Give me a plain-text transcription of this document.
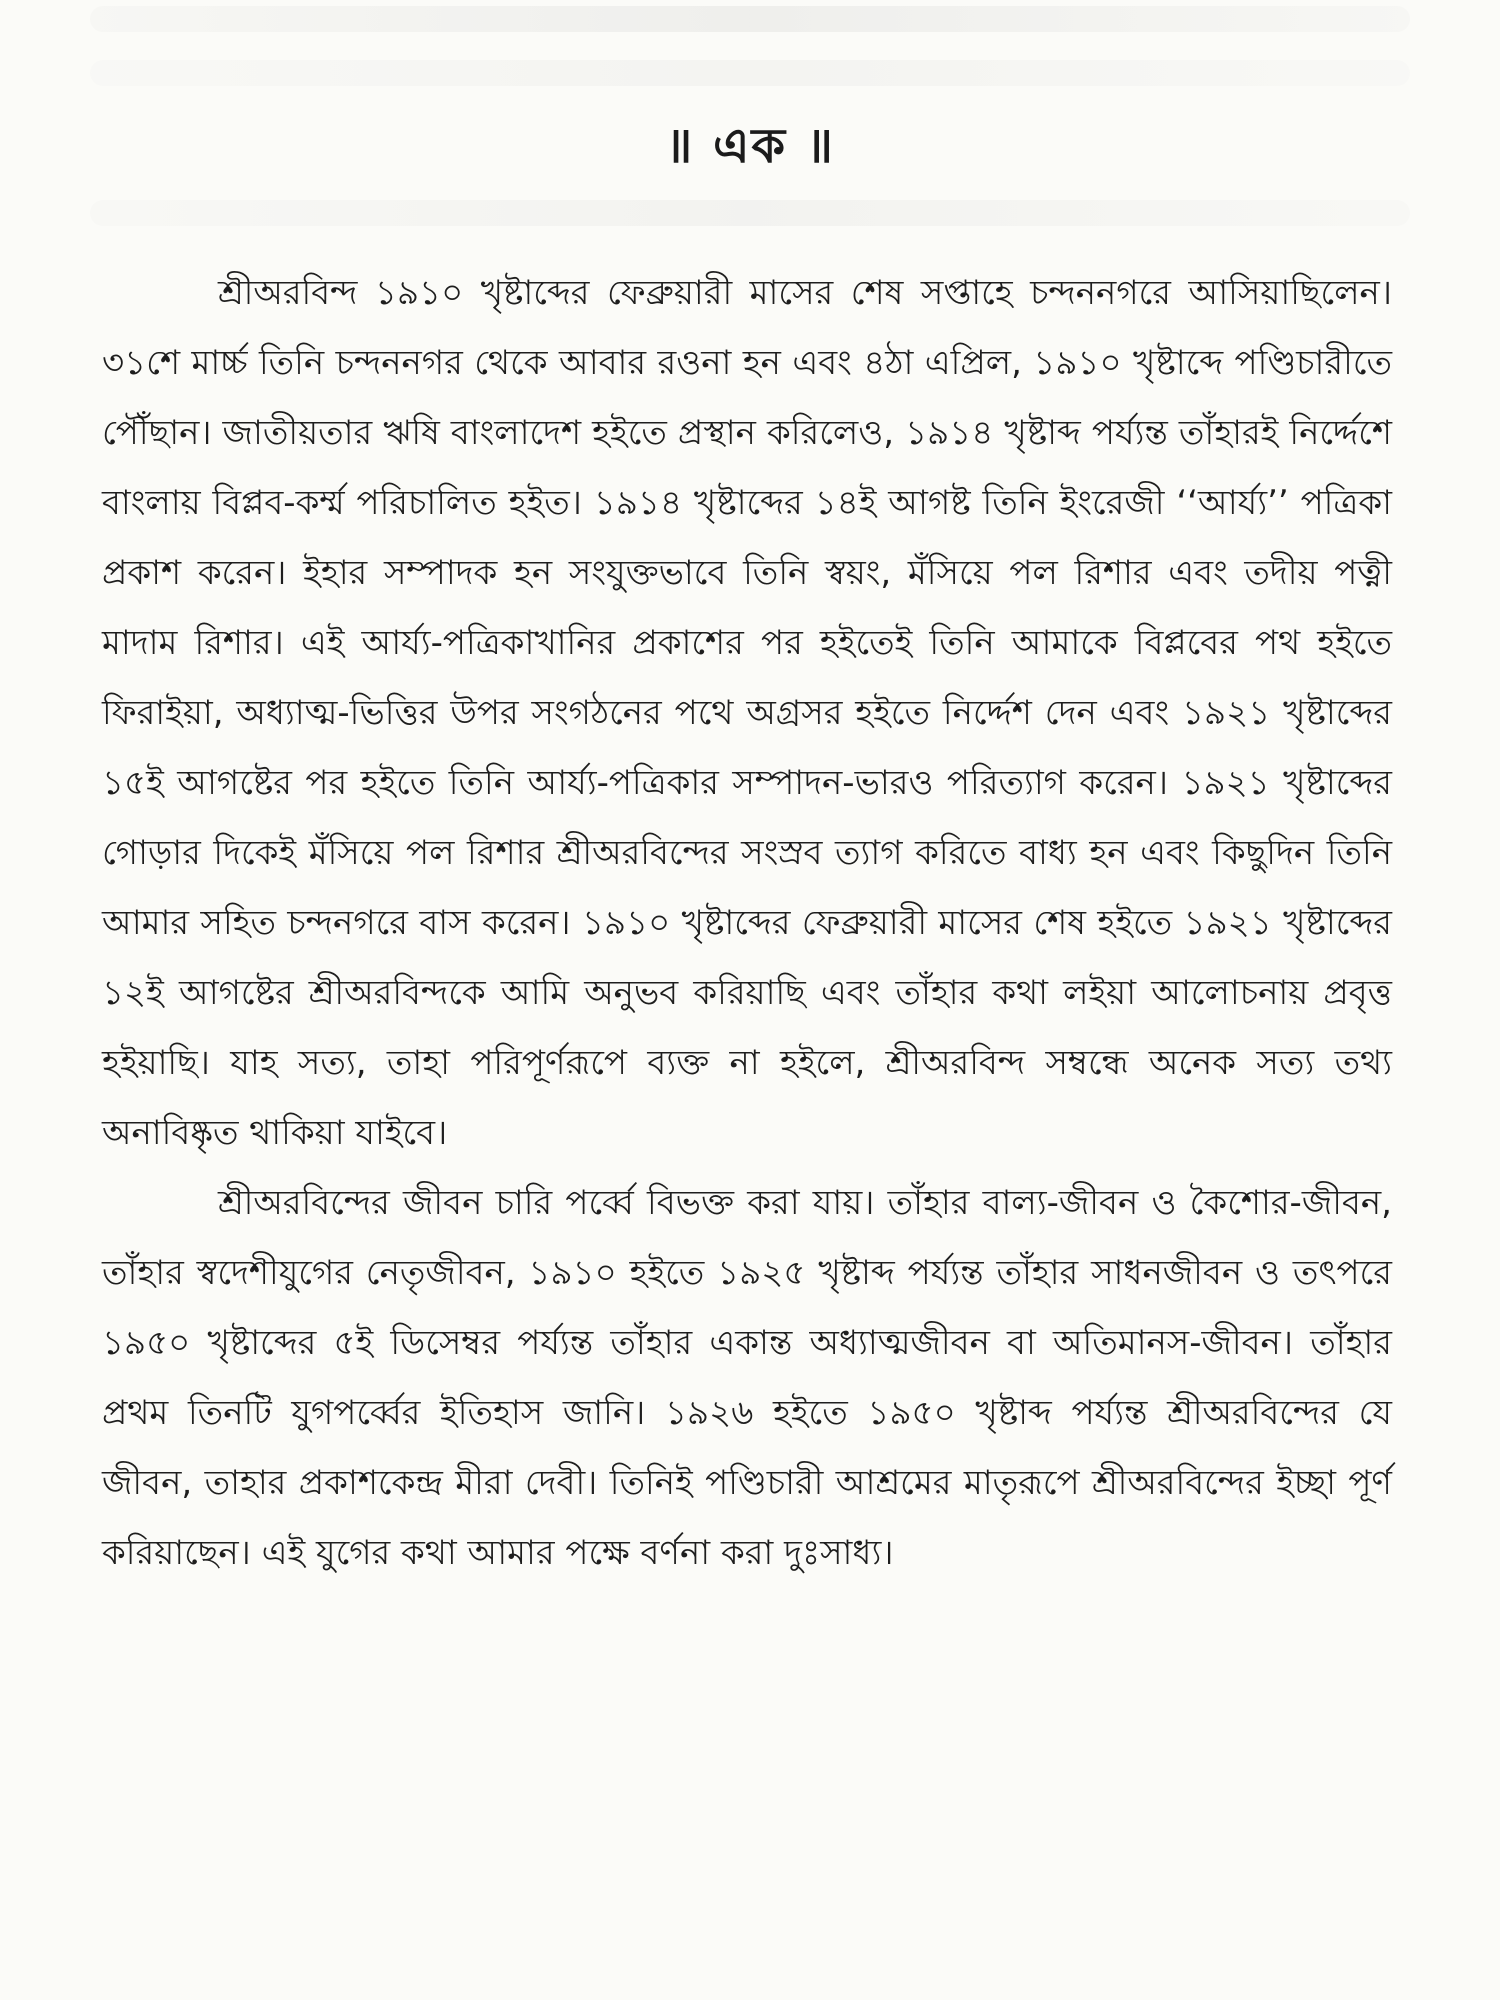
॥ এক ॥

শ্রীঅরবিন্দ ১৯১০ খৃষ্টাব্দের ফেব্রুয়ারী মাসের শেষ সপ্তাহে চন্দননগরে আসিয়াছিলেন। ৩১শে মার্চ্চ তিনি চন্দননগর থেকে আবার রওনা হন এবং ৪ঠা এপ্রিল, ১৯১০ খৃষ্টাব্দে পণ্ডিচারীতে পৌঁছান। জাতীয়তার ঋষি বাংলাদেশ হইতে প্রস্থান করিলেও, ১৯১৪ খৃষ্টাব্দ পর্য্যন্ত তাঁহারই নির্দ্দেশে বাংলায় বিপ্লব-কর্ম্ম পরিচালিত হইত। ১৯১৪ খৃষ্টাব্দের ১৪ই আগষ্ট তিনি ইংরেজী ‘‘আর্য্য’’ পত্রিকা প্রকাশ করেন। ইহার সম্পাদক হন সংযুক্তভাবে তিনি স্বয়ং, মঁসিয়ে পল রিশার এবং তদীয় পত্নী মাদাম রিশার। এই আর্য্য-পত্রিকাখানির প্রকাশের পর হইতেই তিনি আমাকে বিপ্লবের পথ হইতে ফিরাইয়া, অধ্যাত্ম-ভিত্তির উপর সংগঠনের পথে অগ্রসর হইতে নির্দ্দেশ দেন এবং ১৯২১ খৃষ্টাব্দের ১৫ই আগষ্টের পর হইতে তিনি আর্য্য-পত্রিকার সম্পাদন-ভারও পরিত্যাগ করেন। ১৯২১ খৃষ্টাব্দের গোড়ার দিকেই মঁসিয়ে পল রিশার শ্রীঅরবিন্দের সংস্রব ত্যাগ করিতে বাধ্য হন এবং কিছুদিন তিনি আমার সহিত চন্দনগরে বাস করেন। ১৯১০ খৃষ্টাব্দের ফেব্রুয়ারী মাসের শেষ হইতে ১৯২১ খৃষ্টাব্দের ১২ই আগষ্টের শ্রীঅরবিন্দকে আমি অনুভব করিয়াছি এবং তাঁহার কথা লইয়া আলোচনায় প্রবৃত্ত হইয়াছি। যাহ সত্য, তাহা পরিপূর্ণরূপে ব্যক্ত না হইলে, শ্রীঅরবিন্দ সম্বন্ধে অনেক সত্য তথ্য অনাবিষ্কৃত থাকিয়া যাইবে।

শ্রীঅরবিন্দের জীবন চারি পর্ব্বে বিভক্ত করা যায়। তাঁহার বাল্য-জীবন ও কৈশোর-জীবন, তাঁহার স্বদেশীযুগের নেতৃজীবন, ১৯১০ হইতে ১৯২৫ খৃষ্টাব্দ পর্য্যন্ত তাঁহার সাধনজীবন ও তৎপরে ১৯৫০ খৃষ্টাব্দের ৫ই ডিসেম্বর পর্য্যন্ত তাঁহার একান্ত অধ্যাত্মজীবন বা অতিমানস-জীবন। তাঁহার প্রথম তিনটি যুগপর্ব্বের ইতিহাস জানি। ১৯২৬ হইতে ১৯৫০ খৃষ্টাব্দ পর্য্যন্ত শ্রীঅরবিন্দের যে জীবন, তাহার প্রকাশকেন্দ্র মীরা দেবী। তিনিই পণ্ডিচারী আশ্রমের মাতৃরূপে শ্রীঅরবিন্দের ইচ্ছা পূর্ণ করিয়াছেন। এই যুগের কথা আমার পক্ষে বর্ণনা করা দুঃসাধ্য।
